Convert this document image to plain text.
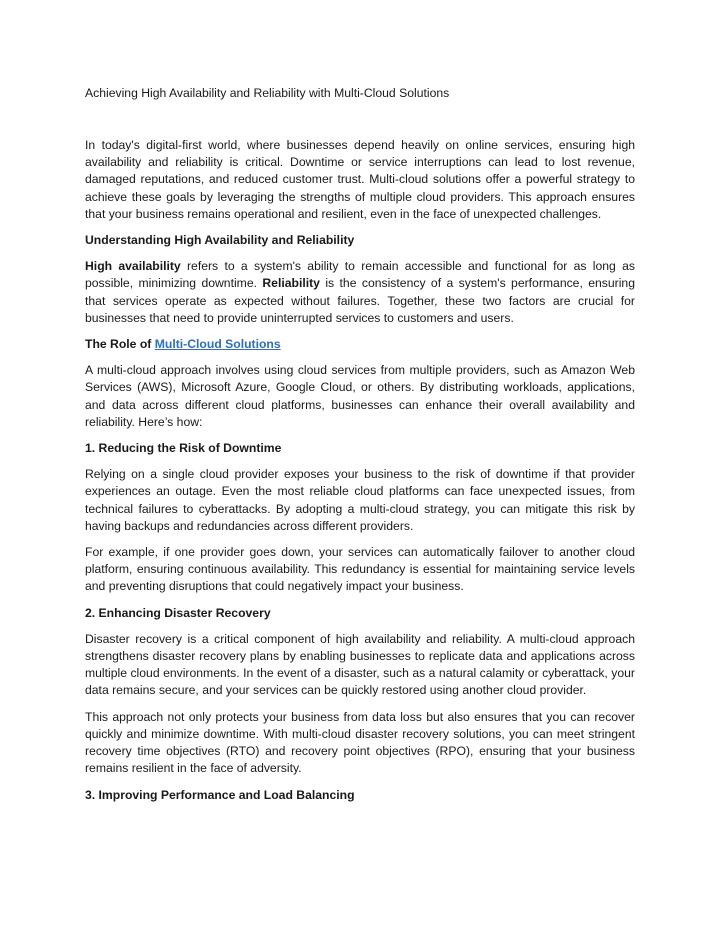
Achieving High Availability and Reliability with Multi-Cloud Solutions

In today's digital-first world, where businesses depend heavily on online services, ensuring high availability and reliability is critical. Downtime or service interruptions can lead to lost revenue, damaged reputations, and reduced customer trust. Multi-cloud solutions offer a powerful strategy to achieve these goals by leveraging the strengths of multiple cloud providers. This approach ensures that your business remains operational and resilient, even in the face of unexpected challenges.

Understanding High Availability and Reliability

High availability refers to a system's ability to remain accessible and functional for as long as possible, minimizing downtime. Reliability is the consistency of a system's performance, ensuring that services operate as expected without failures. Together, these two factors are crucial for businesses that need to provide uninterrupted services to customers and users.

The Role of Multi-Cloud Solutions

A multi-cloud approach involves using cloud services from multiple providers, such as Amazon Web Services (AWS), Microsoft Azure, Google Cloud, or others. By distributing workloads, applications, and data across different cloud platforms, businesses can enhance their overall availability and reliability. Here’s how:

1. Reducing the Risk of Downtime

Relying on a single cloud provider exposes your business to the risk of downtime if that provider experiences an outage. Even the most reliable cloud platforms can face unexpected issues, from technical failures to cyberattacks. By adopting a multi-cloud strategy, you can mitigate this risk by having backups and redundancies across different providers.

For example, if one provider goes down, your services can automatically failover to another cloud platform, ensuring continuous availability. This redundancy is essential for maintaining service levels and preventing disruptions that could negatively impact your business.

2. Enhancing Disaster Recovery

Disaster recovery is a critical component of high availability and reliability. A multi-cloud approach strengthens disaster recovery plans by enabling businesses to replicate data and applications across multiple cloud environments. In the event of a disaster, such as a natural calamity or cyberattack, your data remains secure, and your services can be quickly restored using another cloud provider.

This approach not only protects your business from data loss but also ensures that you can recover quickly and minimize downtime. With multi-cloud disaster recovery solutions, you can meet stringent recovery time objectives (RTO) and recovery point objectives (RPO), ensuring that your business remains resilient in the face of adversity.

3. Improving Performance and Load Balancing
